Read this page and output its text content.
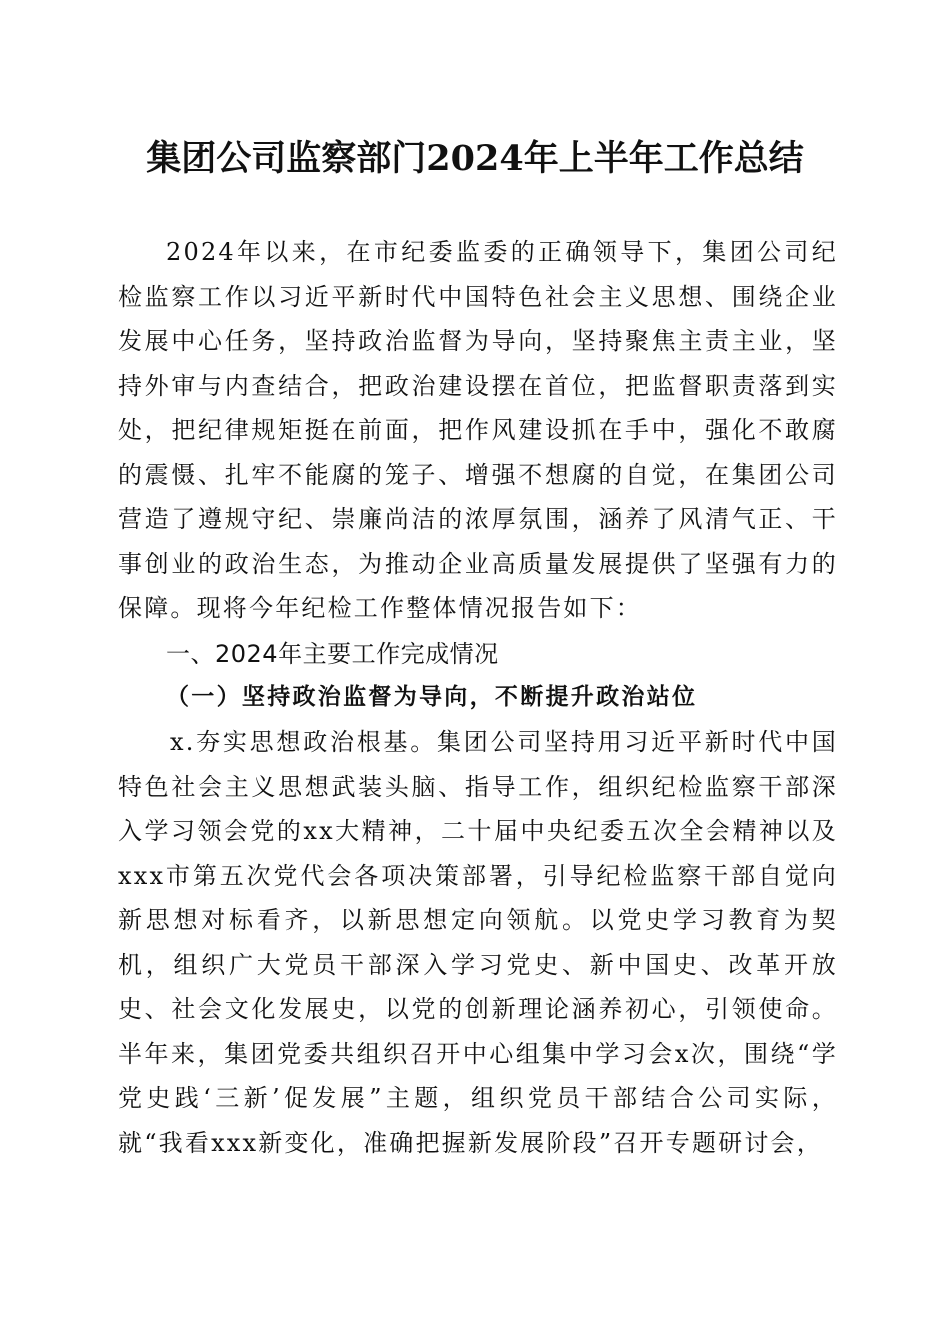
集团公司监察部门2024年上半年工作总结
2024年以来，在市纪委监委的正确领导下，集团公司纪检监察工作以习近平新时代中国特色社会主义思想、围绕企业发展中心任务，坚持政治监督为导向，坚持聚焦主责主业，坚持外审与内查结合，把政治建设摆在首位，把监督职责落到实处，把纪律规矩挺在前面，把作风建设抓在手中，强化不敢腐的震慑、扎牢不能腐的笼子、增强不想腐的自觉，在集团公司营造了遵规守纪、崇廉尚洁的浓厚氛围，涵养了风清气正、干事创业的政治生态，为推动企业高质量发展提供了坚强有力的保障。现将今年纪检工作整体情况报告如下：
一、2024年主要工作完成情况
（一）坚持政治监督为导向，不断提升政治站位
x.夯实思想政治根基。集团公司坚持用习近平新时代中国特色社会主义思想武装头脑、指导工作，组织纪检监察干部深入学习领会党的xx大精神，二十届中央纪委五次全会精神以及xxx市第五次党代会各项决策部署，引导纪检监察干部自觉向新思想对标看齐，以新思想定向领航。以党史学习教育为契机，组织广大党员干部深入学习党史、新中国史、改革开放史、社会文化发展史，以党的创新理论涵养初心，引领使命。半年来，集团党委共组织召开中心组集中学习会x次，围绕“学党史践‘三新’促发展”主题，组织党员干部结合公司实际，就“我看xxx新变化，准确把握新发展阶段”召开专题研讨会，
